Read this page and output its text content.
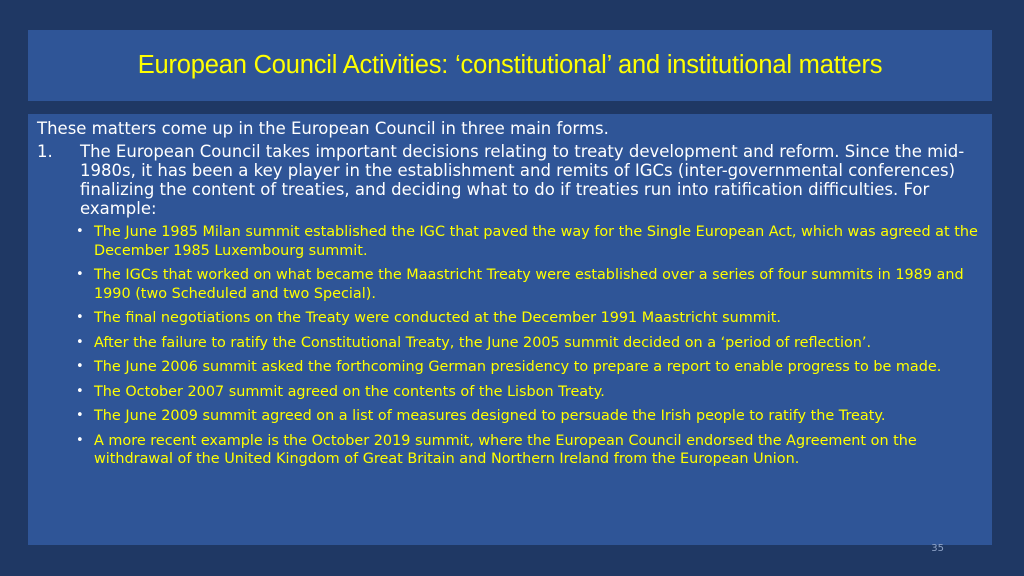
European Council Activities: ‘constitutional’ and institutional matters
These matters come up in the European Council in three main forms.
1.	The European Council takes important decisions relating to treaty development and reform. Since the mid-1980s, it has been a key player in the establishment and remits of IGCs (inter-governmental conferences) finalizing the content of treaties, and deciding what to do if treaties run into ratification difficulties. For example:
• The June 1985 Milan summit established the IGC that paved the way for the Single European Act, which was agreed at the December 1985 Luxembourg summit.
• The IGCs that worked on what became the Maastricht Treaty were established over a series of four summits in 1989 and 1990 (two Scheduled and two Special).
• The final negotiations on the Treaty were conducted at the December 1991 Maastricht summit.
• After the failure to ratify the Constitutional Treaty, the June 2005 summit decided on a ‘period of reflection’.
• The June 2006 summit asked the forthcoming German presidency to prepare a report to enable progress to be made.
• The October 2007 summit agreed on the contents of the Lisbon Treaty.
• The June 2009 summit agreed on a list of measures designed to persuade the Irish people to ratify the Treaty.
• A more recent example is the October 2019 summit, where the European Council endorsed the Agreement on the withdrawal of the United Kingdom of Great Britain and Northern Ireland from the European Union.
35
